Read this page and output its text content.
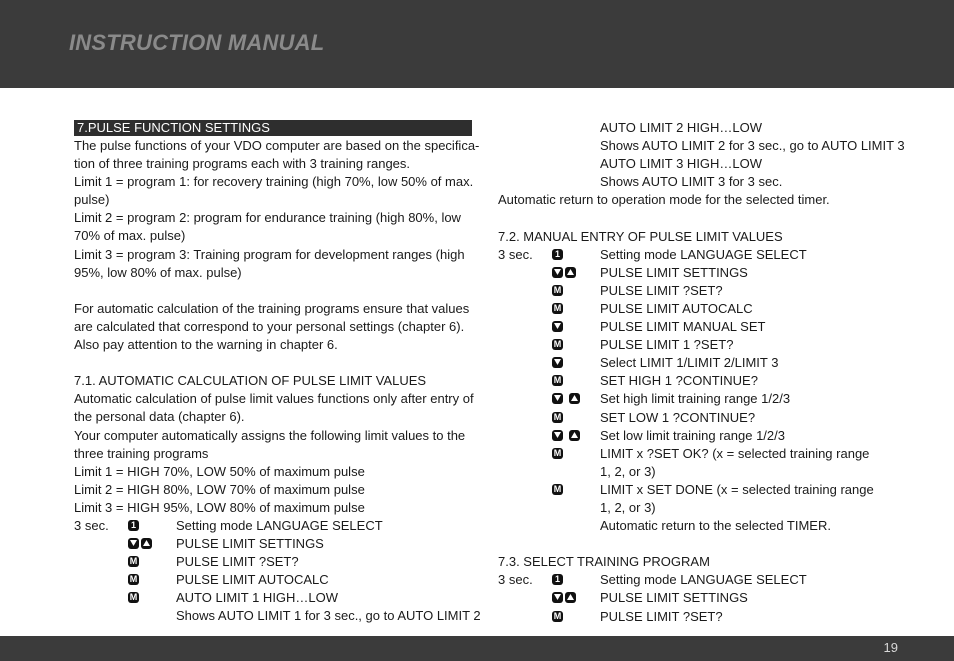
INSTRUCTION MANUAL
7.PULSE FUNCTION SETTINGS
The pulse functions of your VDO computer are based on the specifica-
tion of three training programs each with 3 training ranges.
Limit 1 = program 1: for recovery training (high 70%, low 50% of max.
pulse)
Limit 2 = program 2: program for endurance training (high 80%, low
70% of max. pulse)
Limit 3 = program 3: Training program for development ranges (high
95%, low 80% of max. pulse)
For automatic calculation of the training programs ensure that values
are calculated that correspond to your personal settings (chapter 6).
Also pay attention to the warning in chapter 6.
7.1. AUTOMATIC CALCULATION OF PULSE LIMIT VALUES
Automatic calculation of pulse limit values functions only after entry of
the personal data (chapter 6).
Your computer automatically assigns the following limit values to the
three training programs
Limit 1 = HIGH 70%, LOW 50% of maximum pulse
Limit 2 = HIGH 80%, LOW 70% of maximum pulse
Limit 3 = HIGH 95%, LOW 80% of maximum pulse
3 sec.	1	Setting mode LANGUAGE SELECT
PULSE LIMIT SETTINGS
M	PULSE LIMIT ?SET?
M	PULSE LIMIT AUTOCALC
M	AUTO LIMIT 1 HIGH…LOW
Shows AUTO LIMIT 1 for 3 sec., go to AUTO LIMIT 2
AUTO LIMIT 2 HIGH…LOW
Shows AUTO LIMIT 2 for 3 sec., go to AUTO LIMIT 3
AUTO LIMIT 3 HIGH…LOW
Shows AUTO LIMIT 3 for 3 sec.
Automatic return to operation mode for the selected timer.
7.2. MANUAL ENTRY OF PULSE LIMIT VALUES
3 sec.	1	Setting mode LANGUAGE SELECT
PULSE LIMIT SETTINGS
M	PULSE LIMIT ?SET?
M	PULSE LIMIT AUTOCALC
PULSE LIMIT MANUAL SET
M	PULSE LIMIT 1 ?SET?
Select LIMIT 1/LIMIT 2/LIMIT 3
M	SET HIGH 1 ?CONTINUE?
Set high limit training range 1/2/3
M	SET LOW 1 ?CONTINUE?
Set low limit training range 1/2/3
M	LIMIT x ?SET OK? (x = selected training range
1, 2, or 3)
M	LIMIT x SET DONE (x = selected training range
1, 2, or 3)
Automatic return to the selected TIMER.
7.3. SELECT TRAINING PROGRAM
3 sec.	1	Setting mode LANGUAGE SELECT
PULSE LIMIT SETTINGS
M	PULSE LIMIT ?SET?
19
